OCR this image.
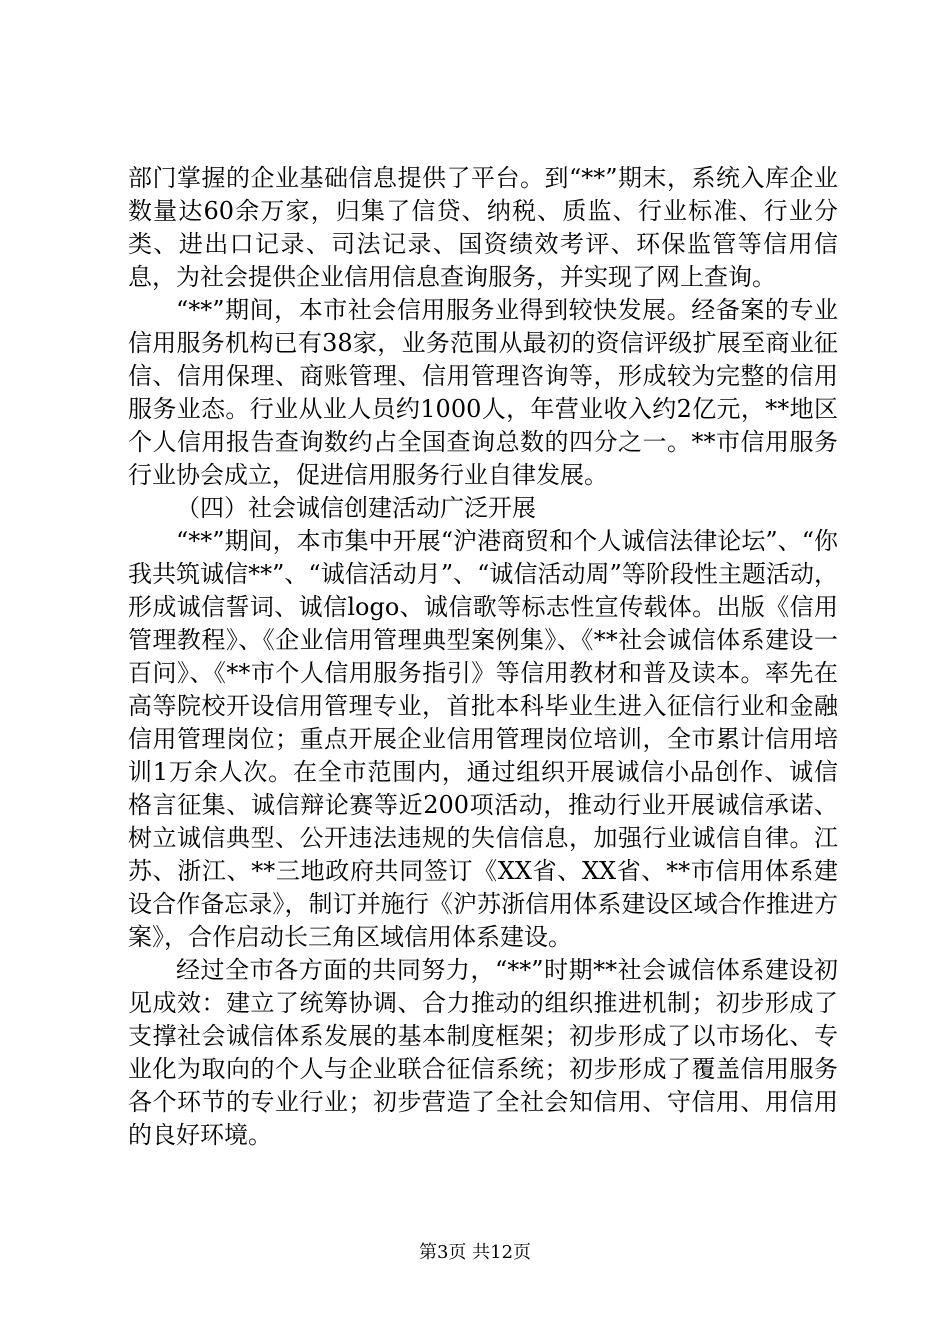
部门掌握的企业基础信息提供了平台。到“**”期末，系统入库企业数量达60余万家，归集了信贷、纳税、质监、行业标准、行业分类、进出口记录、司法记录、国资绩效考评、环保监管等信用信息，为社会提供企业信用信息查询服务，并实现了网上查询。

“**”期间，本市社会信用服务业得到较快发展。经备案的专业信用服务机构已有38家，业务范围从最初的资信评级扩展至商业征信、信用保理、商账管理、信用管理咨询等，形成较为完整的信用服务业态。行业从业人员约1000人，年营业收入约2亿元，**地区个人信用报告查询数约占全国查询总数的四分之一。**市信用服务行业协会成立，促进信用服务行业自律发展。

（四）社会诚信创建活动广泛开展

“**”期间，本市集中开展“沪港商贸和个人诚信法律论坛”、“你我共筑诚信**”、“诚信活动月”、“诚信活动周”等阶段性主题活动，形成诚信誓词、诚信logo、诚信歌等标志性宣传载体。出版《信用管理教程》、《企业信用管理典型案例集》、《**社会诚信体系建设一百问》、《**市个人信用服务指引》等信用教材和普及读本。率先在高等院校开设信用管理专业，首批本科毕业生进入征信行业和金融信用管理岗位；重点开展企业信用管理岗位培训，全市累计信用培训1万余人次。在全市范围内，通过组织开展诚信小品创作、诚信格言征集、诚信辩论赛等近200项活动，推动行业开展诚信承诺、树立诚信典型、公开违法违规的失信信息，加强行业诚信自律。江苏、浙江、**三地政府共同签订《XX省、XX省、**市信用体系建设合作备忘录》，制订并施行《沪苏浙信用体系建设区域合作推进方案》，合作启动长三角区域信用体系建设。

经过全市各方面的共同努力，“**”时期**社会诚信体系建设初见成效：建立了统筹协调、合力推动的组织推进机制；初步形成了支撑社会诚信体系发展的基本制度框架；初步形成了以市场化、专业化为取向的个人与企业联合征信系统；初步形成了覆盖信用服务各个环节的专业行业；初步营造了全社会知信用、守信用、用信用的良好环境。

第3页 共12页
